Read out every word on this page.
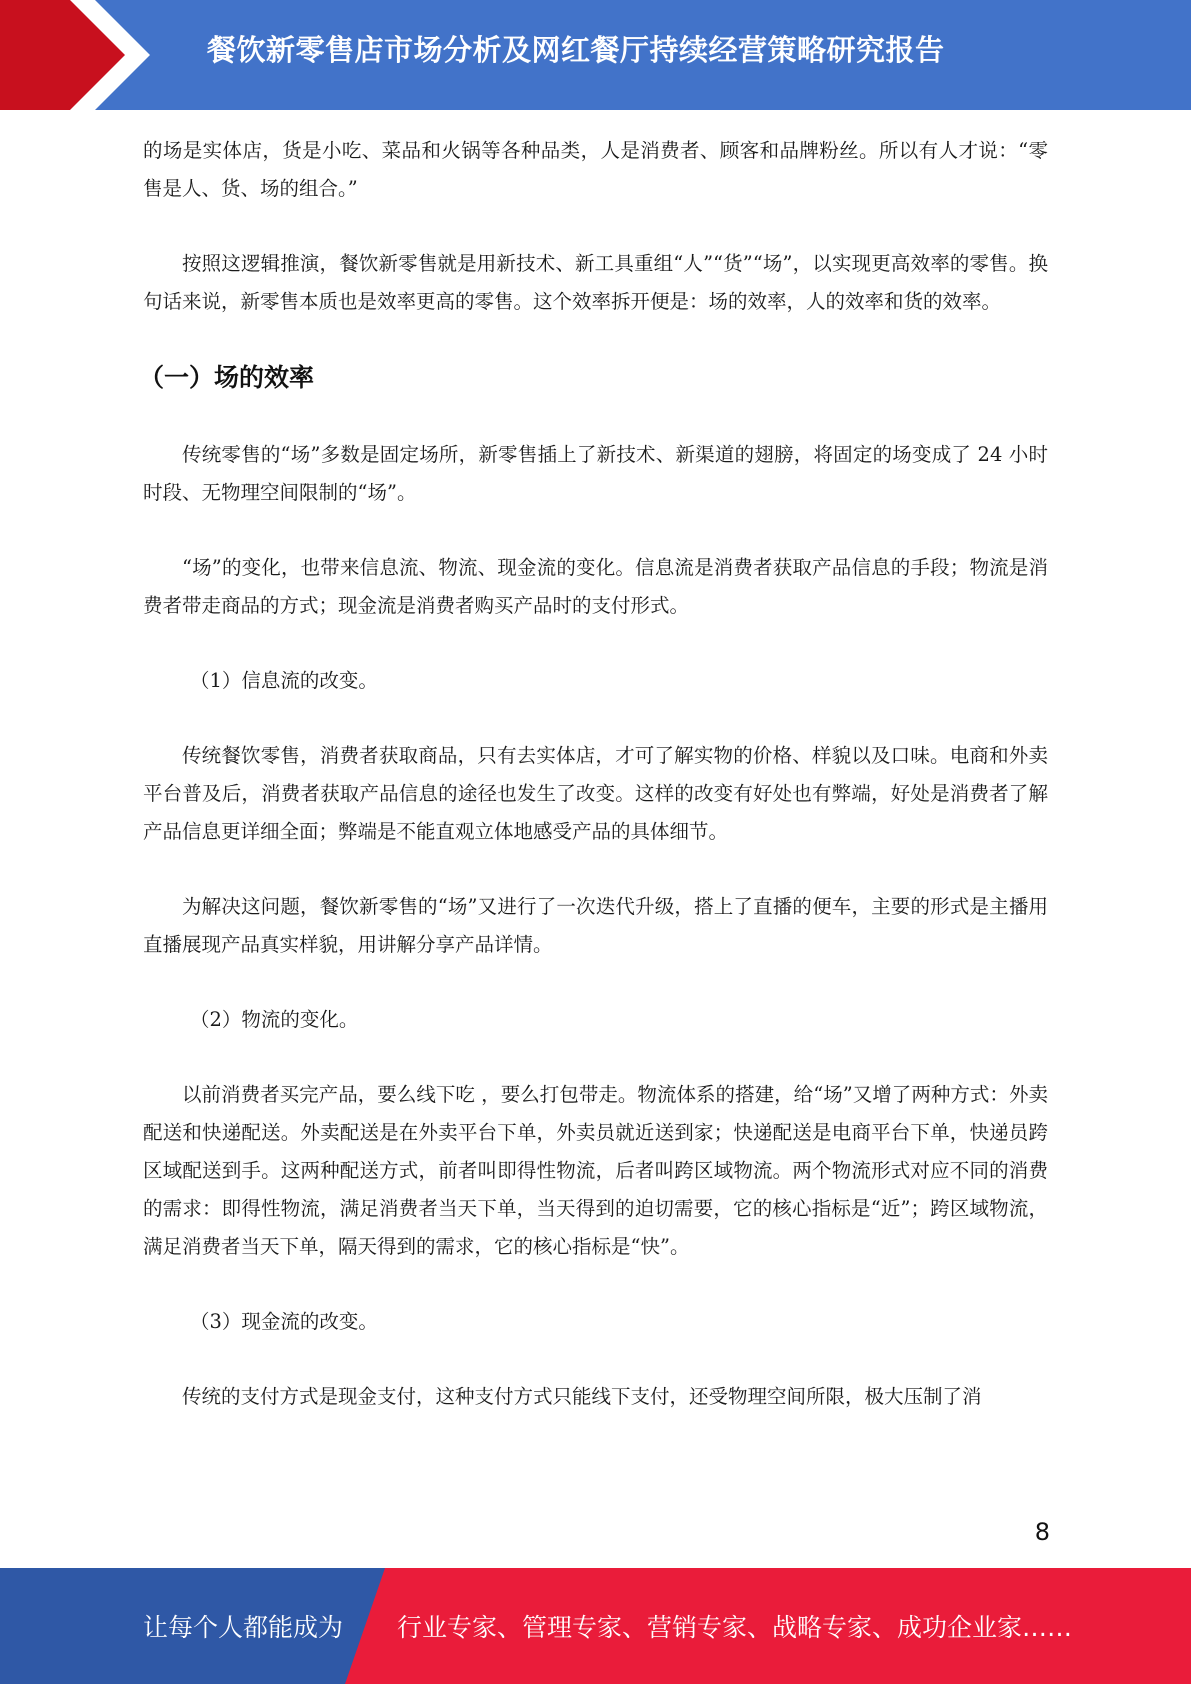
餐饮新零售店市场分析及网红餐厅持续经营策略研究报告

的场是实体店，货是小吃、菜品和火锅等各种品类，人是消费者、顾客和品牌粉丝。所以有人才说：“零售是人、货、场的组合。”

按照这逻辑推演，餐饮新零售就是用新技术、新工具重组“人”“货”“场”，以实现更高效率的零售。换句话来说，新零售本质也是效率更高的零售。这个效率拆开便是：场的效率，人的效率和货的效率。

（一）场的效率

传统零售的“场”多数是固定场所，新零售插上了新技术、新渠道的翅膀，将固定的场变成了 24 小时时段、无物理空间限制的“场”。

“场”的变化，也带来信息流、物流、现金流的变化。信息流是消费者获取产品信息的手段；物流是消费者带走商品的方式；现金流是消费者购买产品时的支付形式。

（1）信息流的改变。

传统餐饮零售，消费者获取商品，只有去实体店，才可了解实物的价格、样貌以及口味。电商和外卖平台普及后，消费者获取产品信息的途径也发生了改变。这样的改变有好处也有弊端，好处是消费者了解产品信息更详细全面；弊端是不能直观立体地感受产品的具体细节。

为解决这问题，餐饮新零售的“场”又进行了一次迭代升级，搭上了直播的便车，主要的形式是主播用直播展现产品真实样貌，用讲解分享产品详情。

（2）物流的变化。

以前消费者买完产品，要么线下吃 ，要么打包带走。物流体系的搭建，给“场”又增了两种方式：外卖配送和快递配送。外卖配送是在外卖平台下单，外卖员就近送到家；快递配送是电商平台下单，快递员跨区域配送到手。这两种配送方式，前者叫即得性物流，后者叫跨区域物流。两个物流形式对应不同的消费的需求：即得性物流，满足消费者当天下单，当天得到的迫切需要，它的核心指标是“近”；跨区域物流，满足消费者当天下单，隔天得到的需求，它的核心指标是“快”。

（3）现金流的改变。

传统的支付方式是现金支付，这种支付方式只能线下支付，还受物理空间所限，极大压制了消

8
让每个人都能成为 行业专家、管理专家、营销专家、战略专家、成功企业家……
